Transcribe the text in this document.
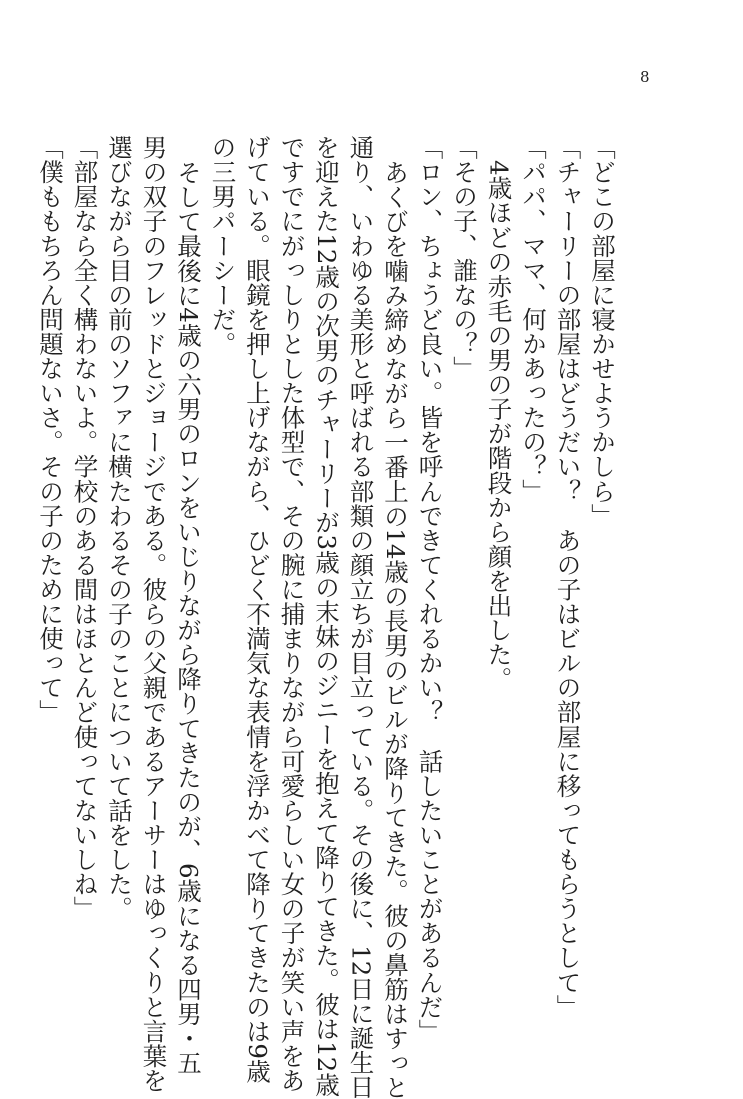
8
「どこの部屋に寝かせようかしら」
「チャーリーの部屋はどうだい？　あの子はビルの部屋に移ってもらうとして」
「パパ、ママ、何かあったの？」
4歳ほどの赤毛の男の子が階段から顔を出した。
「その子、誰なの？」
「ロン、ちょうど良い。皆を呼んできてくれるかい？　話したいことがあるんだ」
あくびを噛み締めながら一番上の14歳の長男のビルが降りてきた。彼の鼻筋はすっと
通り、いわゆる美形と呼ばれる部類の顔立ちが目立っている。その後に、12日に誕生日
を迎えた12歳の次男のチャーリーが3歳の末妹のジニーを抱えて降りてきた。彼は12歳
ですでにがっしりとした体型で、その腕に捕まりながら可愛らしい女の子が笑い声をあ
げている。眼鏡を押し上げながら、ひどく不満気な表情を浮かべて降りてきたのは9歳
の三男パーシーだ。
そして最後に4歳の六男のロンをいじりながら降りてきたのが、6歳になる四男・五
男の双子のフレッドとジョージである。彼らの父親であるアーサーはゆっくりと言葉を
選びながら目の前のソファに横たわるその子のことについて話をした。
「部屋なら全く構わないよ。学校のある間はほとんど使ってないしね」
「僕ももちろん問題ないさ。その子のために使って」
